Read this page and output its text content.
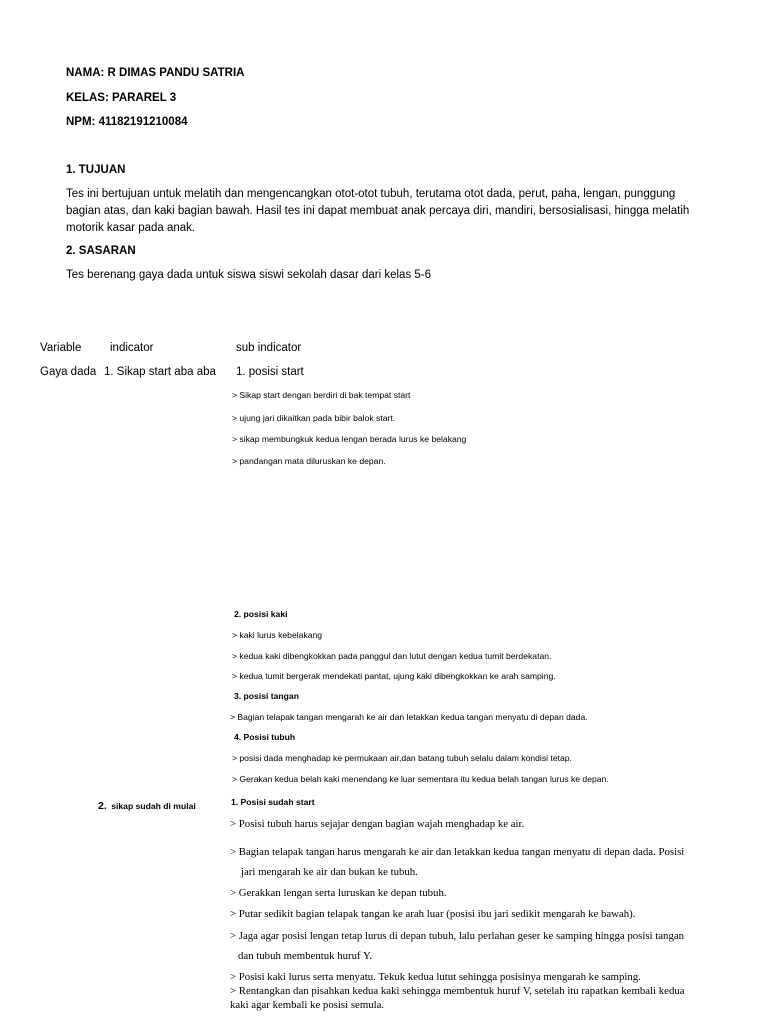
NAMA: R DIMAS PANDU SATRIA
KELAS: PARAREL 3
NPM: 41182191210084
1. TUJUAN
Tes ini bertujuan untuk melatih dan mengencangkan otot-otot tubuh, terutama otot dada, perut, paha, lengan, punggung
bagian atas, dan kaki bagian bawah. Hasil tes ini dapat membuat anak percaya diri, mandiri, bersosialisasi, hingga melatih
motorik kasar pada anak.
2. SASARAN
Tes berenang gaya dada untuk siswa siswi sekolah dasar dari kelas 5-6
Variable indicator	sub indicator
Gaya dada 1. Sikap start aba aba 1. posisi start
> Sikap start dengan berdiri di bak tempat start
> ujung jari dikaitkan pada bibir balok start.
> sikap membungkuk kedua lengan berada lurus ke belakang
> pandangan mata diluruskan ke depan.
2. posisi kaki
> kaki lurus kebelakang
> kedua kaki dibengkokkan pada panggul dan lutut dengan kedua tumit berdekatan.
> kedua tumit bergerak mendekati pantat, ujung kaki dibengkokkan ke arah samping.
3. posisi tangan
> Bagian telapak tangan mengarah ke air dan letakkan kedua tangan menyatu di depan dada.
4. Posisi tubuh
> posisi dada menghadap ke permukaan air,dan batang tubuh selalu dalam kondisi tetap.
> Gerakan kedua belah kaki menendang ke luar sementara itu kedua belah tangan lurus ke depan.
2. sikap sudah di mulai	1. Posisi sudah start
> Posisi tubuh harus sejajar dengan bagian wajah menghadap ke air.
> Bagian telapak tangan harus mengarah ke air dan letakkan kedua tangan menyatu di depan dada. Posisi
jari mengarah ke air dan bukan ke tubuh.
> Gerakkan lengan serta luruskan ke depan tubuh.
> Putar sedikit bagian telapak tangan ke arah luar (posisi ibu jari sedikit mengarah ke bawah).
> Jaga agar posisi lengan tetap lurus di depan tubuh, lalu perlahan geser ke samping hingga posisi tangan
dan tubuh membentuk huruf Y.
> Posisi kaki lurus serta menyatu. Tekuk kedua lutut sehingga posisinya mengarah ke samping.
> Rentangkan dan pisahkan kedua kaki sehingga membentuk huruf V, setelah itu rapatkan kembali kedua
kaki agar kembali ke posisi semula.
